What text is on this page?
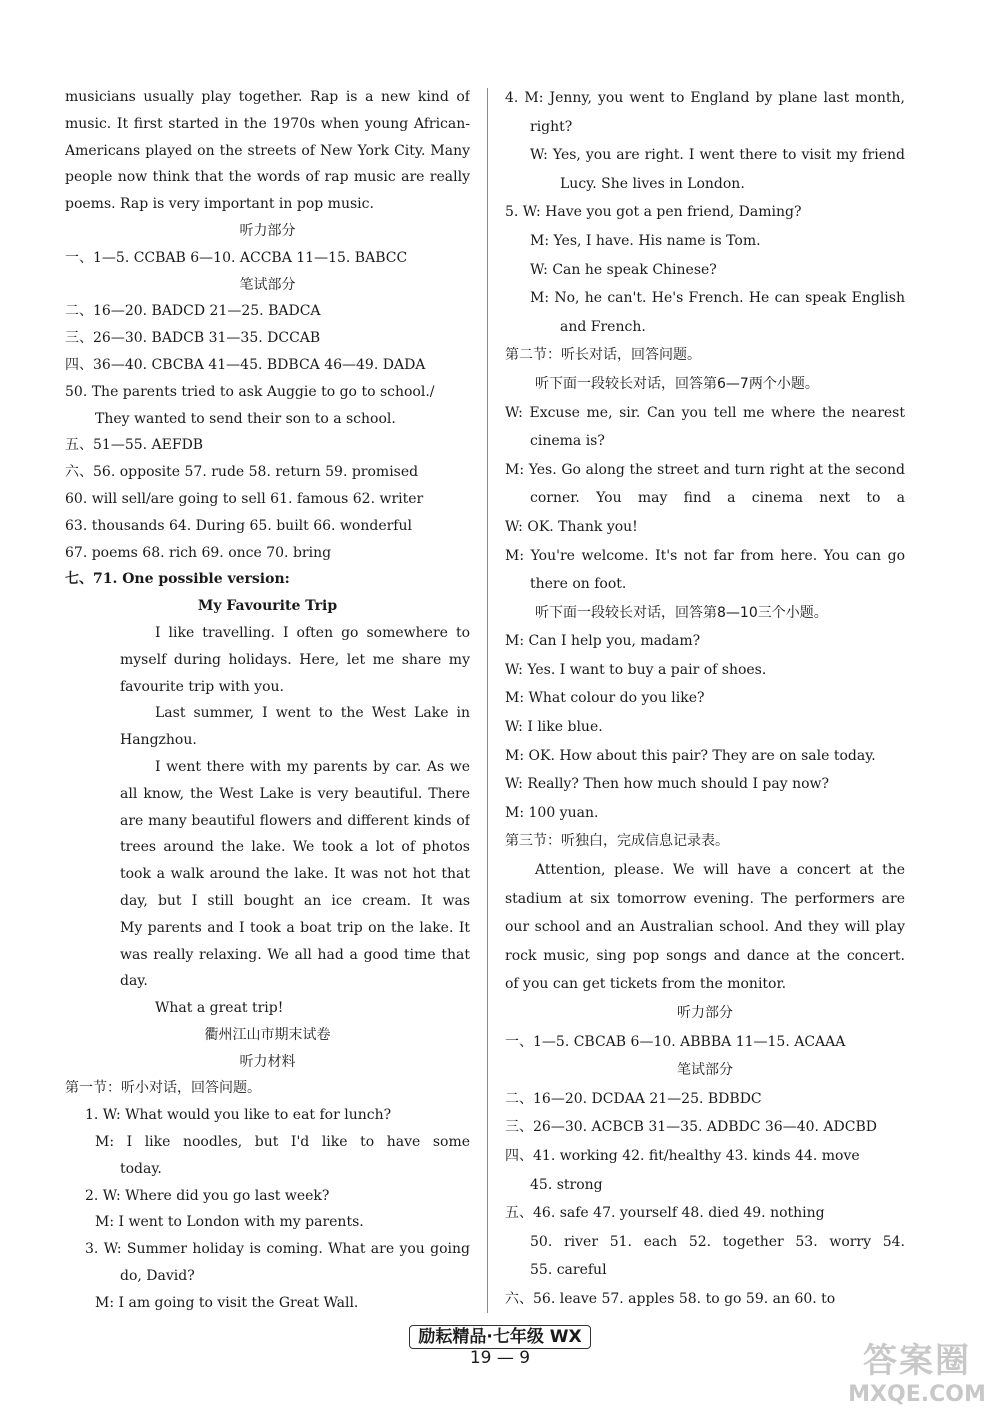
musicians usually play together. Rap is a new kind of
music. It first started in the 1970s when young African-
Americans played on the streets of New York City. Many
people now think that the words of rap music are really
poems. Rap is very important in pop music.
听力部分
一、1—5. CCBAB 6—10. ACCBA 11—15. BABCC
笔试部分
二、16—20. BADCD 21—25. BADCA
三、26—30. BADCB 31—35. DCCAB
四、36—40. CBCBA 41—45. BDBCA 46—49. DADA
50. The parents tried to ask Auggie to go to school./
They wanted to send their son to a school.
五、51—55. AEFDB
六、56. opposite 57. rude 58. return 59. promised
60. will sell/are going to sell 61. famous 62. writer
63. thousands 64. During 65. built 66. wonderful
67. poems 68. rich 69. once 70. bring
七、71. One possible version:
My Favourite Trip
I like travelling. I often go somewhere to
myself during holidays. Here, let me share my
favourite trip with you.
Last summer, I went to the West Lake in
Hangzhou.
I went there with my parents by car. As we
all know, the West Lake is very beautiful. There
are many beautiful flowers and different kinds of
trees around the lake. We took a lot of photos
took a walk around the lake. It was not hot that
day, but I still bought an ice cream. It was
My parents and I took a boat trip on the lake. It
was really relaxing. We all had a good time that
day.
What a great trip!
衢州江山市期末试卷
听力材料
第一节：听小对话，回答问题。
1. W: What would you like to eat for lunch?
M: I like noodles, but I'd like to have some
today.
2. W: Where did you go last week?
M: I went to London with my parents.
3. W: Summer holiday is coming. What are you going
do, David?
M: I am going to visit the Great Wall.
4. M: Jenny, you went to England by plane last month,
right?
W: Yes, you are right. I went there to visit my friend
Lucy. She lives in London.
5. W: Have you got a pen friend, Daming?
M: Yes, I have. His name is Tom.
W: Can he speak Chinese?
M: No, he can't. He's French. He can speak English
and French.
第二节：听长对话，回答问题。
听下面一段较长对话，回答第6—7两个小题。
W: Excuse me, sir. Can you tell me where the nearest
cinema is?
M: Yes. Go along the street and turn right at the second
corner. You may find a cinema next to a
W: OK. Thank you!
M: You're welcome. It's not far from here. You can go
there on foot.
听下面一段较长对话，回答第8—10三个小题。
M: Can I help you, madam?
W: Yes. I want to buy a pair of shoes.
M: What colour do you like?
W: I like blue.
M: OK. How about this pair? They are on sale today.
W: Really? Then how much should I pay now?
M: 100 yuan.
第三节：听独白，完成信息记录表。
Attention, please. We will have a concert at the
stadium at six tomorrow evening. The performers are
our school and an Australian school. And they will play
rock music, sing pop songs and dance at the concert.
of you can get tickets from the monitor.
听力部分
一、1—5. CBCAB 6—10. ABBBA 11—15. ACAAA
笔试部分
二、16—20. DCDAA 21—25. BDBDC
三、26—30. ACBCB 31—35. ADBDC 36—40. ADCBD
四、41. working 42. fit/healthy 43. kinds 44. move
45. strong
五、46. safe 47. yourself 48. died 49. nothing
50. river 51. each 52. together 53. worry 54.
55. careful
六、56. leave 57. apples 58. to go 59. an 60. to
励耘精品·七年级 WX
19 — 9	答案圈
MXQE.COM
